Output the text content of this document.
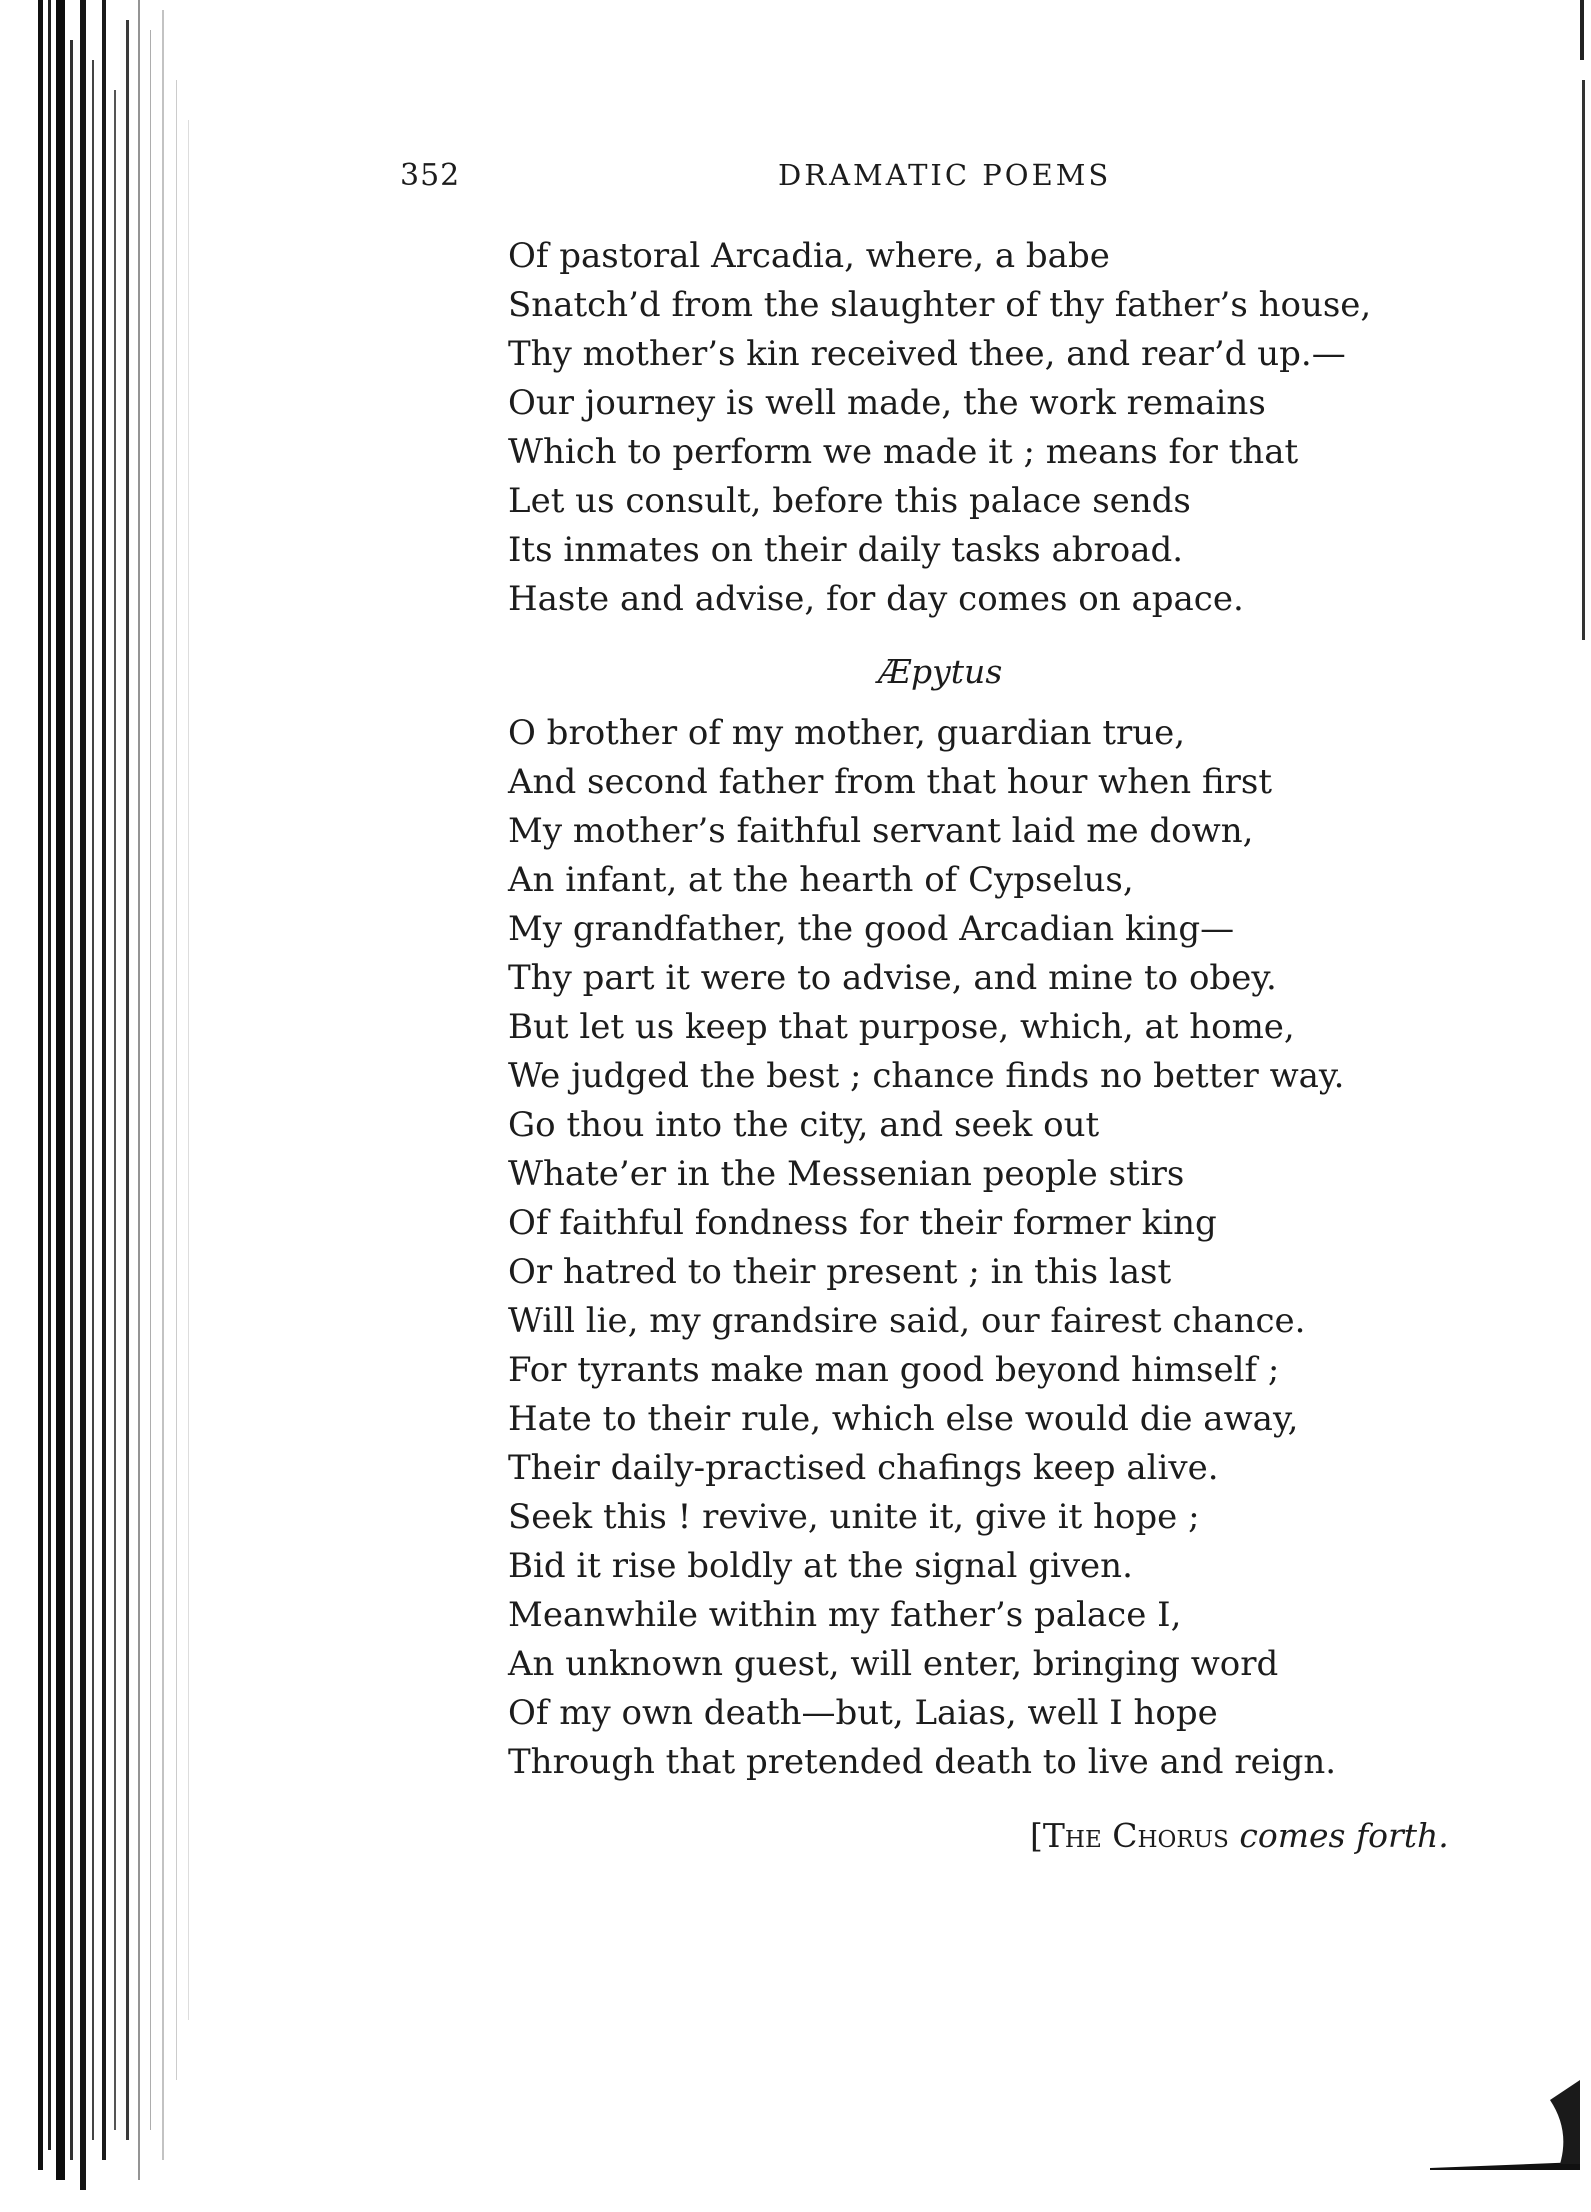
352	DRAMATIC POEMS
Of pastoral Arcadia, where, a babe
Snatch’d from the slaughter of thy father’s house,
Thy mother’s kin received thee, and rear’d up.—
Our journey is well made, the work remains
Which to perform we made it ; means for that
Let us consult, before this palace sends
Its inmates on their daily tasks abroad.
Haste and advise, for day comes on apace.
Æpytus
O brother of my mother, guardian true,
And second father from that hour when first
My mother’s faithful servant laid me down,
An infant, at the hearth of Cypselus,
My grandfather, the good Arcadian king—
Thy part it were to advise, and mine to obey.
But let us keep that purpose, which, at home,
We judged the best ; chance finds no better way.
Go thou into the city, and seek out
Whate’er in the Messenian people stirs
Of faithful fondness for their former king
Or hatred to their present ; in this last
Will lie, my grandsire said, our fairest chance.
For tyrants make man good beyond himself ;
Hate to their rule, which else would die away,
Their daily-practised chafings keep alive.
Seek this ! revive, unite it, give it hope ;
Bid it rise boldly at the signal given.
Meanwhile within my father’s palace I,
An unknown guest, will enter, bringing word
Of my own death—but, Laias, well I hope
Through that pretended death to live and reign.
[The Chorus comes forth.
